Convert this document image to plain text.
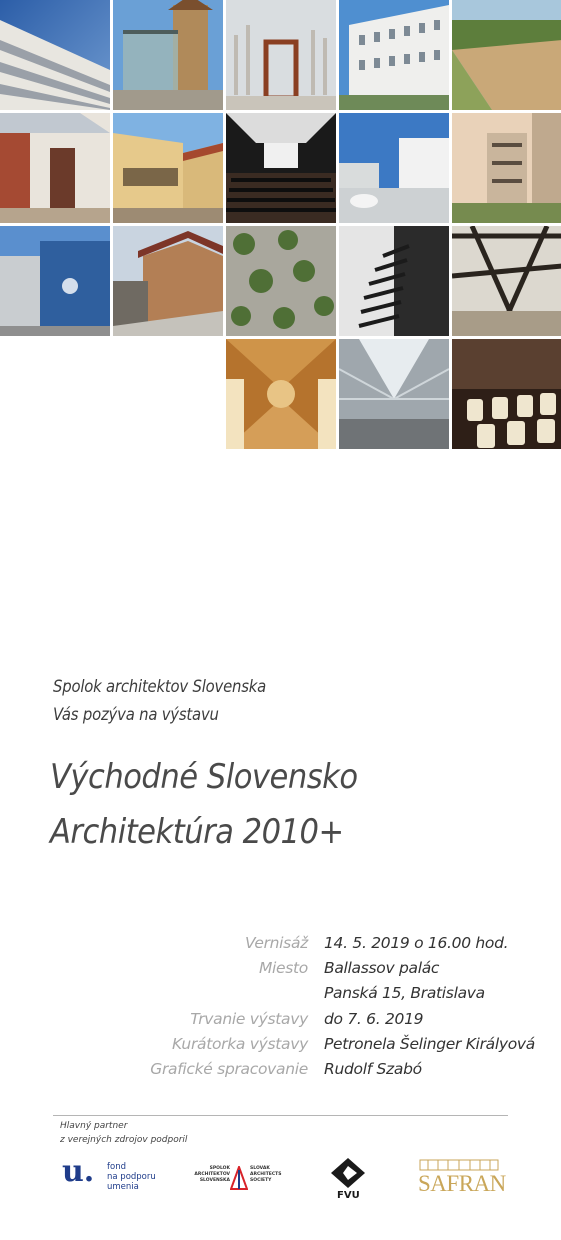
Spolok architektov Slovenska
Vás pozýva na výstavu
Východné Slovensko
Architektúra 2010+
Vernisáž 14. 5. 2019 o 16.00 hod.
Miesto Ballassov palác
Panská 15, Bratislava
Trvanie výstavy do 7. 6. 2019
Kurátorka výstavy Petronela Šelinger Királyová
Grafické spracovanie Rudolf Szabó
Hlavný partner
z verejných zdrojov podporil
u. fond
na podporu
umenia
SPOLOK
ARCHITEKTOV
SLOVENSKA
SLOVAK
ARCHITECTS
SOCIETY
FVU	SAFRAN
